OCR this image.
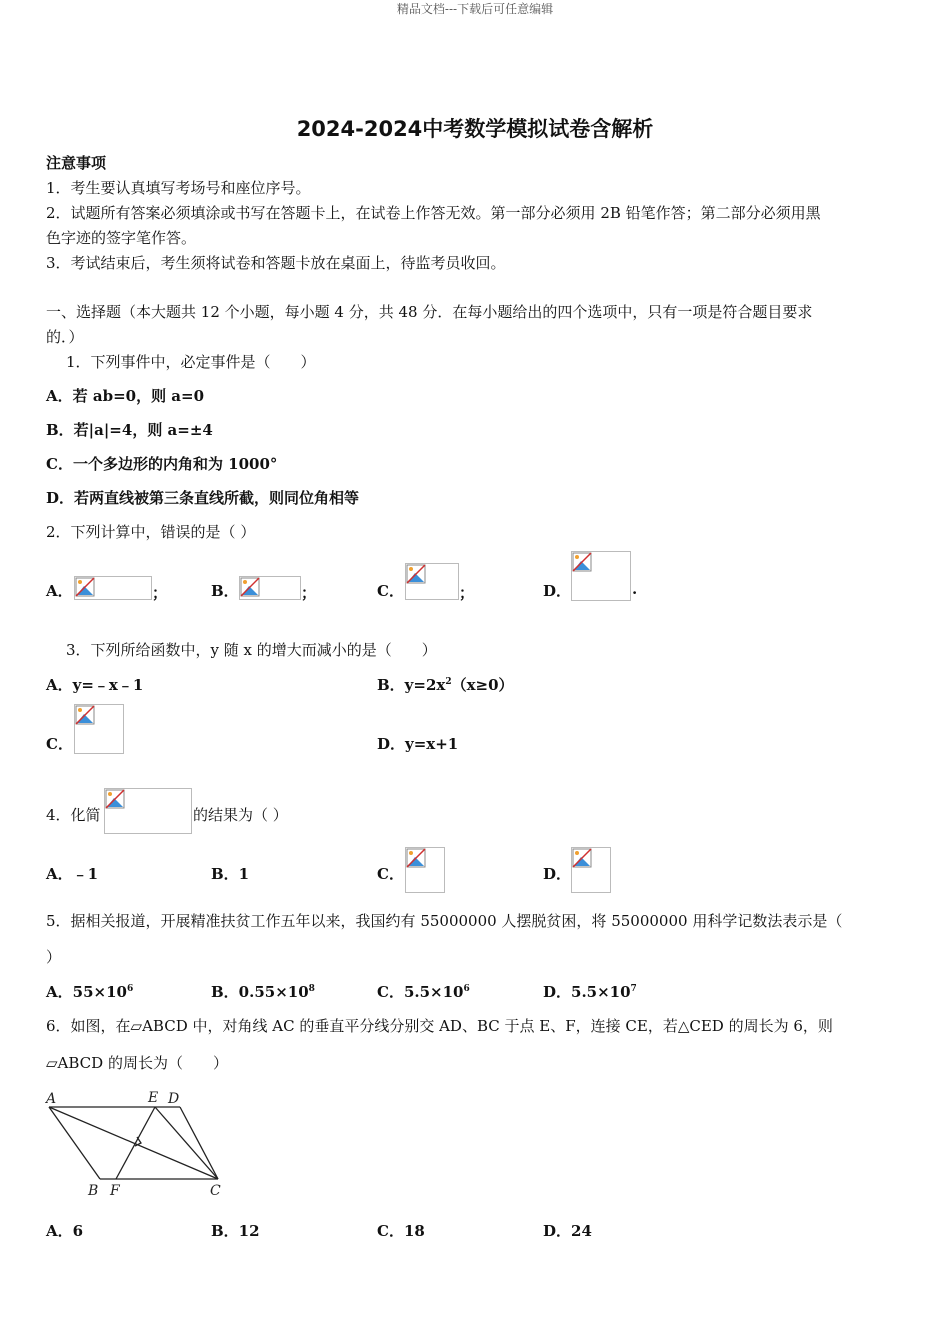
精品文档---下载后可任意编辑
2024-2024中考数学模拟试卷含解析
注意事项
1．考生要认真填写考场号和座位序号。
2．试题所有答案必须填涂或书写在答题卡上，在试卷上作答无效。第一部分必须用 2B 铅笔作答；第二部分必须用黑
色字迹的签字笔作答。
3．考试结束后，考生须将试卷和答题卡放在桌面上，待监考员收回。
一、选择题（本大题共 12 个小题，每小题 4 分，共 48 分．在每小题给出的四个选项中，只有一项是符合题目要求
的．）
1．下列事件中，必定事件是（　　）
A．若 ab=0，则 a=0
B．若|a|=4，则 a=±4
C．一个多边形的内角和为 1000°
D．若两直线被第三条直线所截，则同位角相等
2．下列计算中，错误的是（ ）
A．	；	B．	；	C．	；	D．	.
3．下列所给函数中，y 随 x 的增大而减小的是（　　）
A．y=﹣x﹣1	B．$y=2x^2(x\ge 0)$
C．	D．y=x+1
4．化简	的结果为（ ）
A．﹣1	B．1	C．	D．
5．据相关报道，开展精准扶贫工作五年以来，我国约有 55000000 人摆脱贫困，将 55000000 用科学记数法表示是（
）
A．$55\times 10^6$	B．$0.55\times 10^8$	C．$5.5\times 10^6$	D．$5.5\times 10^7$
6．如图，在▱ABCD 中，对角线 AC 的垂直平分线分别交 AD、BC 于点 E、F，连接 CE，若△CED 的周长为 6，则
▱ABCD 的周长为（　　）
A	E D
B F	C
A．6	B．12	C．18	D．24
